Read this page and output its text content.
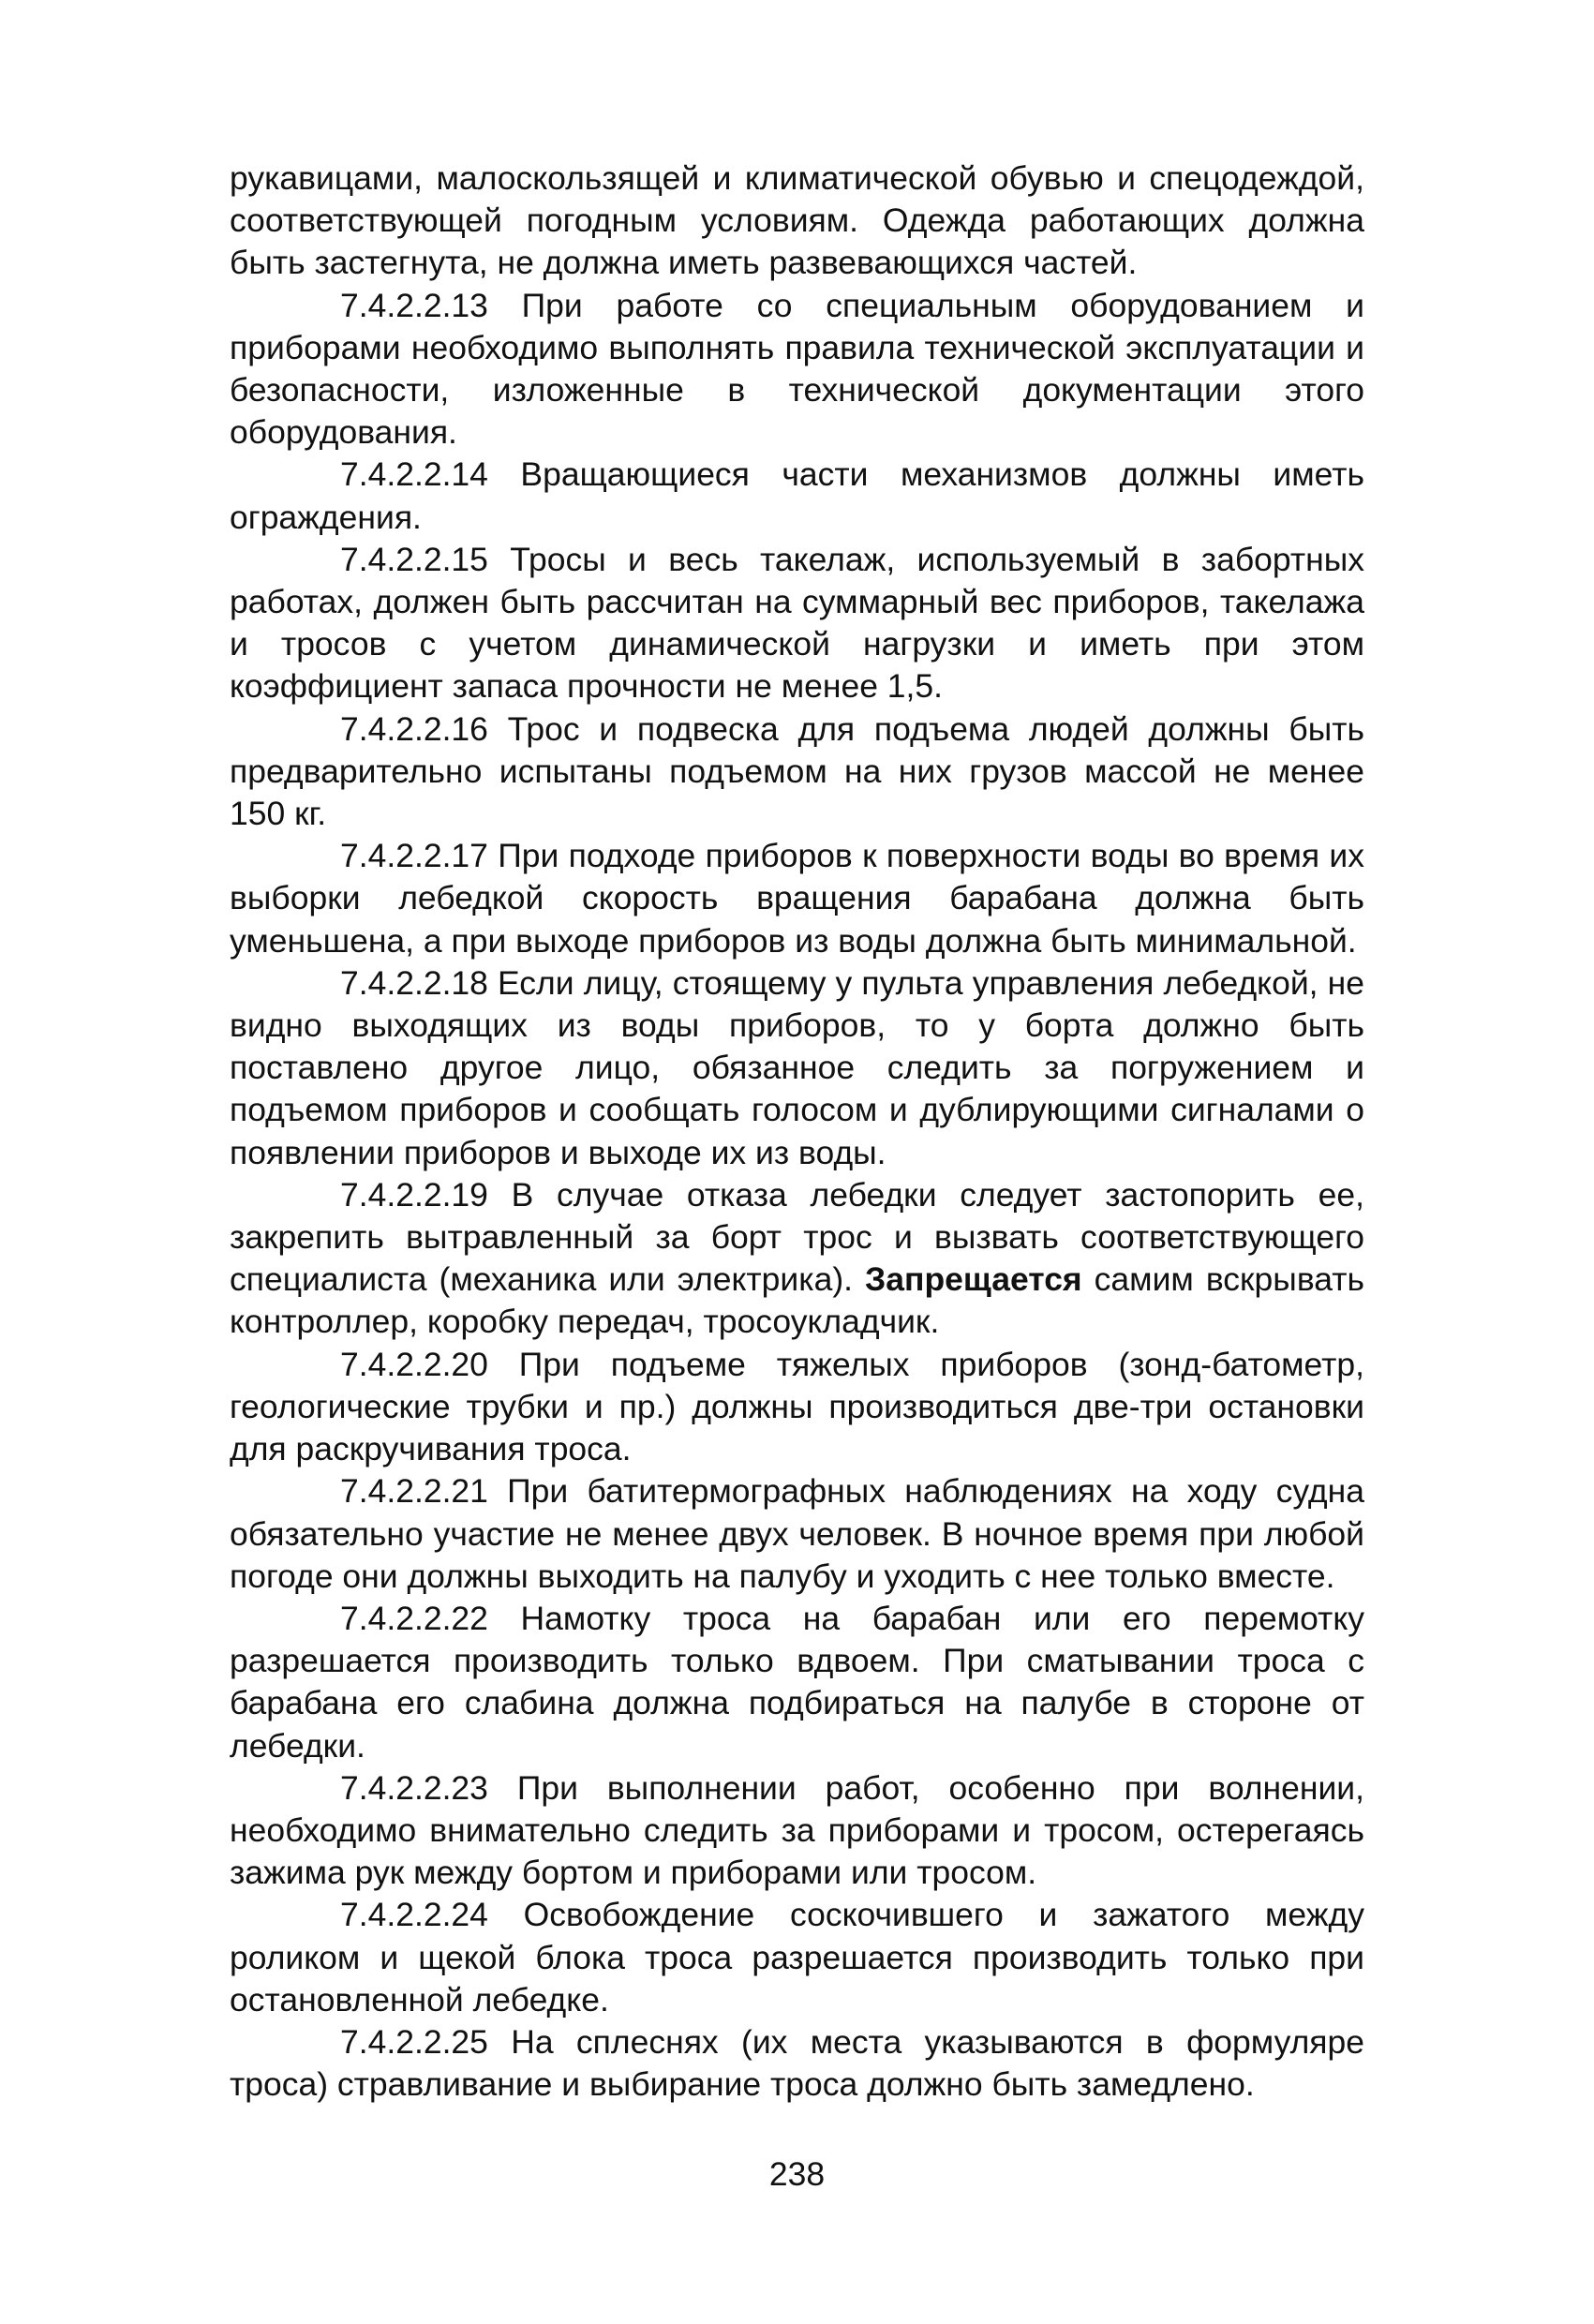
рукавицами, малоскользящей и климатической обувью и спецодеждой, соответствующей погодным условиям. Одежда работающих должна быть застегнута, не должна иметь развевающихся частей.

7.4.2.2.13 При работе со специальным оборудованием и приборами необходимо выполнять правила технической эксплуатации и безопасности, изложенные в технической документации этого оборудования.

7.4.2.2.14 Вращающиеся части механизмов должны иметь ограждения.

7.4.2.2.15 Тросы и весь такелаж, используемый в забортных работах, должен быть рассчитан на суммарный вес приборов, такелажа и тросов с учетом динамической нагрузки и иметь при этом коэффициент запаса прочности не менее 1,5.

7.4.2.2.16 Трос и подвеска для подъема людей должны быть предварительно испытаны подъемом на них грузов массой не менее 150 кг.

7.4.2.2.17 При подходе приборов к поверхности воды во время их выборки лебедкой скорость вращения барабана должна быть уменьшена, а при выходе приборов из воды должна быть минимальной.

7.4.2.2.18 Если лицу, стоящему у пульта управления лебедкой, не видно выходящих из воды приборов, то у борта должно быть поставлено другое лицо, обязанное следить за погружением и подъемом приборов и сообщать голосом и дублирующими сигналами о появлении приборов и выходе их из воды.

7.4.2.2.19 В случае отказа лебедки следует застопорить ее, закрепить вытравленный за борт трос и вызвать соответствующего специалиста (механика или электрика). Запрещается самим вскрывать контроллер, коробку передач, тросоукладчик.

7.4.2.2.20 При подъеме тяжелых приборов (зонд-батометр, геологические трубки и пр.) должны производиться две-три остановки для раскручивания троса.

7.4.2.2.21 При батитермографных наблюдениях на ходу судна обязательно участие не менее двух человек. В ночное время при любой погоде они должны выходить на палубу и уходить с нее только вместе.

7.4.2.2.22 Намотку троса на барабан или его перемотку разрешается производить только вдвоем. При сматывании троса с барабана его слабина должна подбираться на палубе в стороне от лебедки.

7.4.2.2.23 При выполнении работ, особенно при волнении, необходимо внимательно следить за приборами и тросом, остерегаясь зажима рук между бортом и приборами или тросом.

7.4.2.2.24 Освобождение соскочившего и зажатого между роликом и щекой блока троса разрешается производить только при остановленной лебедке.

7.4.2.2.25 На сплеснях (их места указываются в формуляре троса) стравливание и выбирание троса должно быть замедлено.

238
